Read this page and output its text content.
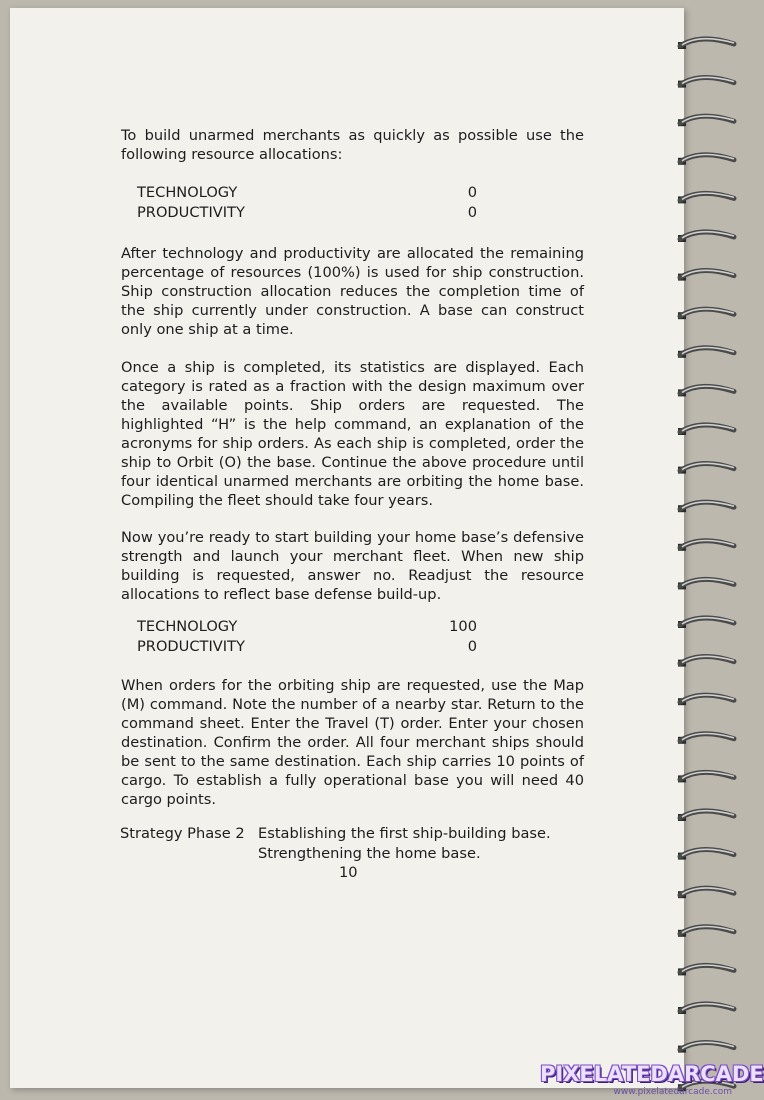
To build unarmed merchants as quickly as possible use the following resource allocations:

TECHNOLOGY	0
PRODUCTIVITY	0

After technology and productivity are allocated the remaining percentage of resources (100%) is used for ship construction. Ship construction allocation reduces the completion time of the ship currently under construction. A base can construct only one ship at a time.

Once a ship is completed, its statistics are displayed. Each category is rated as a fraction with the design maximum over the available points. Ship orders are requested. The highlighted “H” is the help command, an explanation of the acronyms for ship orders. As each ship is completed, order the ship to Orbit (O) the base. Continue the above procedure until four identical unarmed merchants are orbiting the home base. Compiling the fleet should take four years.

Now you’re ready to start building your home base’s defensive strength and launch your merchant fleet. When new ship building is requested, answer no. Readjust the resource allocations to reflect base defense build-up.

TECHNOLOGY	100
PRODUCTIVITY	0

When orders for the orbiting ship are requested, use the Map (M) command. Note the number of a nearby star. Return to the command sheet. Enter the Travel (T) order. Enter your chosen destination. Confirm the order. All four merchant ships should be sent to the same destination. Each ship carries 10 points of cargo. To establish a fully operational base you will need 40 cargo points.

Strategy Phase 2 Establishing the first ship-building base.
Strengthening the home base.
10
PIXELATEDARCADE
www.pixelatedarcade.com
